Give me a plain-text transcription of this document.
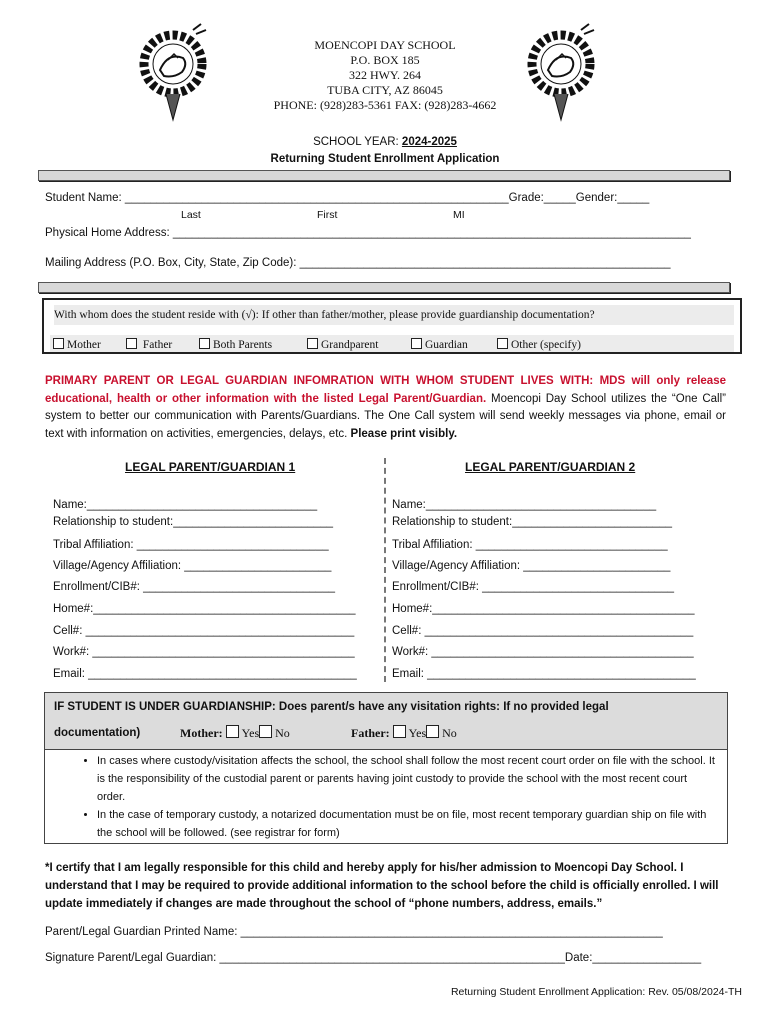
MOENCOPI DAY SCHOOL
P.O. BOX 185
322 HWY. 264
TUBA CITY, AZ 86045
PHONE: (928)283-5361 FAX: (928)283-4662
SCHOOL YEAR: 2024-2025
Returning Student Enrollment Application
Student Name: ____________________________________________________________Grade:_____Gender:_____
Last	First	MI
Physical Home Address: _________________________________________________________________________________
Mailing Address (P.O. Box, City, State, Zip Code): __________________________________________________________
With whom does the student reside with (√): If other than father/mother, please provide guardianship documentation?
Mother	Father	Both Parents	Grandparent	Guardian	Other (specify)
PRIMARY PARENT OR LEGAL GUARDIAN INFOMRATION WITH WHOM STUDENT LIVES WITH: MDS will only release educational, health or other information with the listed Legal Parent/Guardian. Moencopi Day School utilizes the “One Call” system to better our communication with Parents/Guardians. The One Call system will send weekly messages via phone, email or text with information on activities, emergencies, delays, etc. Please print visibly.
LEGAL PARENT/GUARDIAN 1	LEGAL PARENT/GUARDIAN 2
Name:____________________________________
Relationship to student:_________________________
Tribal Affiliation: ______________________________
Village/Agency Affiliation: _______________________
Enrollment/CIB#: ______________________________
Home#:_________________________________________
Cell#: __________________________________________
Work#: _________________________________________
Email: __________________________________________
Name:____________________________________
Relationship to student:_________________________
Tribal Affiliation: ______________________________
Village/Agency Affiliation: _______________________
Enrollment/CIB#: ______________________________
Home#:_________________________________________
Cell#: __________________________________________
Work#: _________________________________________
Email: __________________________________________
IF STUDENT IS UNDER GUARDIANSHIP: Does parent/s have any visitation rights: If no provided legal
documentation)	Mother: Yes No	Father: Yes No
• In cases where custody/visitation affects the school, the school shall follow the most recent court order on file with the school. It is the responsibility of the custodial parent or parents having joint custody to provide the school with the most recent court order.
• In the case of temporary custody, a notarized documentation must be on file, most recent temporary guardian ship on file with the school will be followed. (see registrar for form)
*I certify that I am legally responsible for this child and hereby apply for his/her admission to Moencopi Day School. I understand that I may be required to provide additional information to the school before the child is officially enrolled. I will update immediately if changes are made throughout the school of “phone numbers, address, emails.”
Parent/Legal Guardian Printed Name: __________________________________________________________________
Signature Parent/Legal Guardian: ______________________________________________________Date:_________________
Returning Student Enrollment Application: Rev. 05/08/2024-TH
